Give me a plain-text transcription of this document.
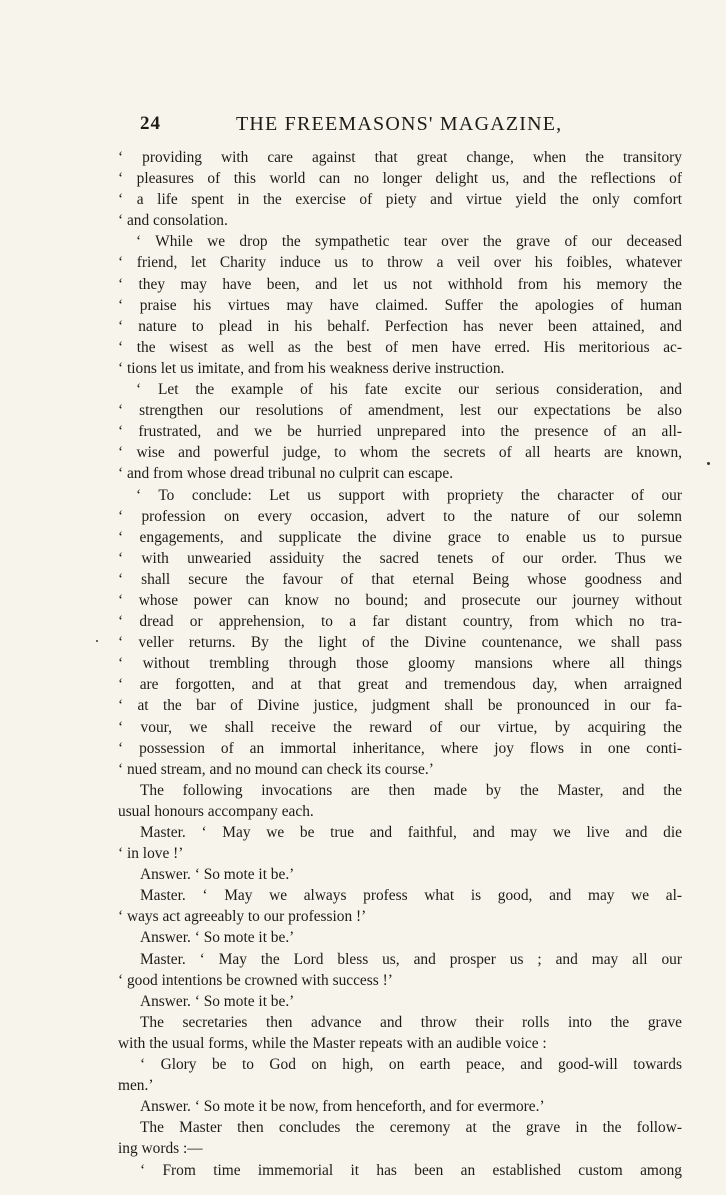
24	THE FREEMASONS' MAGAZINE,
‘ providing with care against that great change, when the transitory
‘ pleasures of this world can no longer delight us, and the reflections of
‘ a life spent in the exercise of piety and virtue yield the only comfort
‘ and consolation.
‘ While we drop the sympathetic tear over the grave of our deceased
‘ friend, let Charity induce us to throw a veil over his foibles, whatever
‘ they may have been, and let us not withhold from his memory the
‘ praise his virtues may have claimed. Suffer the apologies of human
‘ nature to plead in his behalf. Perfection has never been attained, and
‘ the wisest as well as the best of men have erred. His meritorious ac-
‘ tions let us imitate, and from his weakness derive instruction.
‘ Let the example of his fate excite our serious consideration, and
‘ strengthen our resolutions of amendment, lest our expectations be also
‘ frustrated, and we be hurried unprepared into the presence of an all-
‘ wise and powerful judge, to whom the secrets of all hearts are known,
‘ and from whose dread tribunal no culprit can escape.
‘ To conclude: Let us support with propriety the character of our
‘ profession on every occasion, advert to the nature of our solemn
‘ engagements, and supplicate the divine grace to enable us to pursue
‘ with unwearied assiduity the sacred tenets of our order. Thus we
‘ shall secure the favour of that eternal Being whose goodness and
‘ whose power can know no bound; and prosecute our journey without
‘ dread or apprehension, to a far distant country, from which no tra-
‘ veller returns. By the light of the Divine countenance, we shall pass
‘ without trembling through those gloomy mansions where all things
‘ are forgotten, and at that great and tremendous day, when arraigned
‘ at the bar of Divine justice, judgment shall be pronounced in our fa-
‘ vour, we shall receive the reward of our virtue, by acquiring the
‘ possession of an immortal inheritance, where joy flows in one conti-
‘ nued stream, and no mound can check its course.’
The following invocations are then made by the Master, and the
usual honours accompany each.
Master. ‘ May we be true and faithful, and may we live and die
‘ in love !’
Answer. ‘ So mote it be.’
Master. ‘ May we always profess what is good, and may we al-
‘ ways act agreeably to our profession !’
Answer. ‘ So mote it be.’
Master. ‘ May the Lord bless us, and prosper us ; and may all our
‘ good intentions be crowned with success !’
Answer. ‘ So mote it be.’
The secretaries then advance and throw their rolls into the grave
with the usual forms, while the Master repeats with an audible voice :
‘ Glory be to God on high, on earth peace, and good-will towards
men.’
Answer. ‘ So mote it be now, from henceforth, and for evermore.’
The Master then concludes the ceremony at the grave in the follow-
ing words :—
‘ From time immemorial it has been an established custom among
